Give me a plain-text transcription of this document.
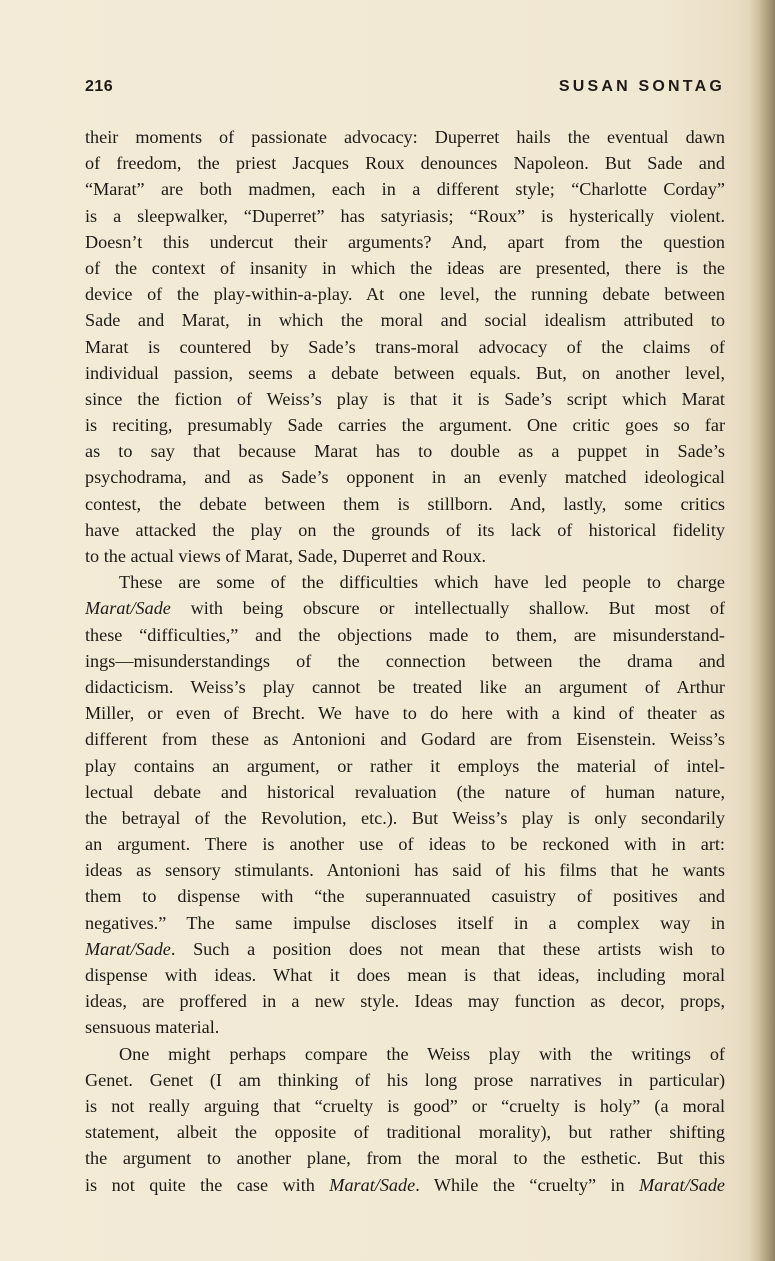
216	SUSAN SONTAG
their moments of passionate advocacy: Duperret hails the eventual dawn
of freedom, the priest Jacques Roux denounces Napoleon. But Sade and
“Marat” are both madmen, each in a different style; “Charlotte Corday”
is a sleepwalker, “Duperret” has satyriasis; “Roux” is hysterically violent.
Doesn’t this undercut their arguments? And, apart from the question
of the context of insanity in which the ideas are presented, there is the
device of the play-within-a-play. At one level, the running debate between
Sade and Marat, in which the moral and social idealism attributed to
Marat is countered by Sade’s trans-moral advocacy of the claims of
individual passion, seems a debate between equals. But, on another level,
since the fiction of Weiss’s play is that it is Sade’s script which Marat
is reciting, presumably Sade carries the argument. One critic goes so far
as to say that because Marat has to double as a puppet in Sade’s
psychodrama, and as Sade’s opponent in an evenly matched ideological
contest, the debate between them is stillborn. And, lastly, some critics
have attacked the play on the grounds of its lack of historical fidelity
to the actual views of Marat, Sade, Duperret and Roux.
These are some of the difficulties which have led people to charge
Marat/Sade with being obscure or intellectually shallow. But most of
these “difficulties,” and the objections made to them, are misunderstand-
ings—misunderstandings of the connection between the drama and
didacticism. Weiss’s play cannot be treated like an argument of Arthur
Miller, or even of Brecht. We have to do here with a kind of theater as
different from these as Antonioni and Godard are from Eisenstein. Weiss’s
play contains an argument, or rather it employs the material of intel-
lectual debate and historical revaluation (the nature of human nature,
the betrayal of the Revolution, etc.). But Weiss’s play is only secondarily
an argument. There is another use of ideas to be reckoned with in art:
ideas as sensory stimulants. Antonioni has said of his films that he wants
them to dispense with “the superannuated casuistry of positives and
negatives.” The same impulse discloses itself in a complex way in
Marat/Sade. Such a position does not mean that these artists wish to
dispense with ideas. What it does mean is that ideas, including moral
ideas, are proffered in a new style. Ideas may function as decor, props,
sensuous material.
One might perhaps compare the Weiss play with the writings of
Genet. Genet (I am thinking of his long prose narratives in particular)
is not really arguing that “cruelty is good” or “cruelty is holy” (a moral
statement, albeit the opposite of traditional morality), but rather shifting
the argument to another plane, from the moral to the esthetic. But this
is not quite the case with Marat/Sade. While the “cruelty” in Marat/Sade
